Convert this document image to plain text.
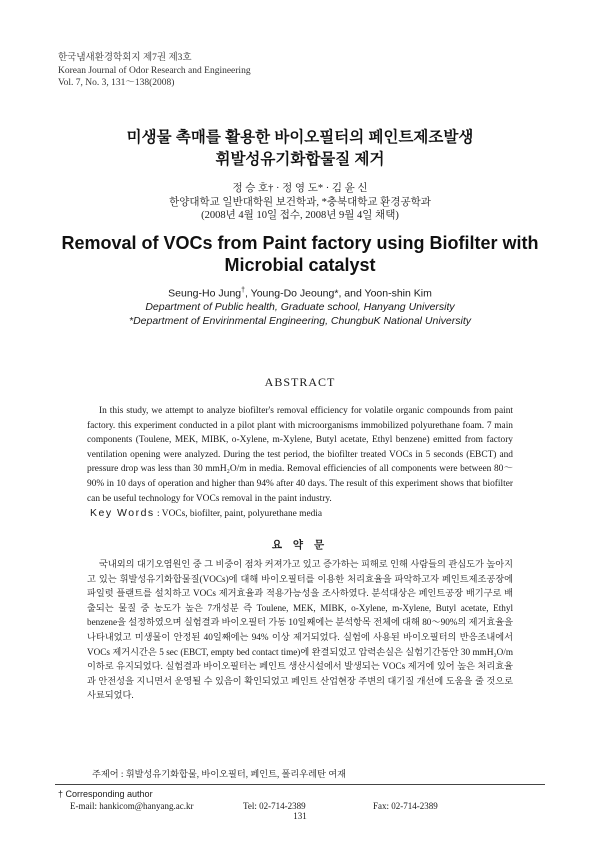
한국냄새환경학회지 제7권 제3호
Korean Journal of Odor Research and Engineering
Vol. 7, No. 3, 131～138(2008)
미생물 촉매를 활용한 바이오필터의 페인트제조발생
휘발성유기화합물질 제거
정 승 호† · 정 영 도* · 김 윤 신
한양대학교 일반대학원 보건학과, *충북대학교 환경공학과
(2008년 4월 10일 접수, 2008년 9월 4일 채택)
Removal of VOCs from Paint factory using Biofilter with
Microbial catalyst
Seung-Ho Jung†, Young-Do Jeoung*, and Yoon-shin Kim
Department of Public health, Graduate school, Hanyang University
*Department of Envirinmental Engineering, ChungbuK National University
ABSTRACT
In this study, we attempt to analyze biofilter's removal efficiency for volatile organic compounds from paint factory. this experiment conducted in a pilot plant with microorganisms immobilized polyurethane foam. 7 main components (Toulene, MEK, MIBK, o-Xylene, m-Xylene, Butyl acetate, Ethyl benzene) emitted from factory ventilation opening were analyzed. During the test period, the biofilter treated VOCs in 5 seconds (EBCT) and pressure drop was less than 30 mmH₂O/m in media. Removal efficiencies of all components were between 80～90% in 10 days of operation and higher than 94% after 40 days. The result of this experiment shows that biofilter can be useful technology for VOCs removal in the paint industry.
Key Words : VOCs, biofilter, paint, polyurethane media
요 약 문
국내외의 대기오염원인 중 그 비중이 점차 커져가고 있고 증가하는 피해로 인해 사람들의 관심도가 높아지고 있는 휘발성유기화합물질(VOCs)에 대해 바이오필터를 이용한 처리효율을 파악하고자 페인트제조공장에 파일럿 플랜트를 설치하고 VOCs 제거효율과 적용가능성을 조사하였다. 분석대상은 페인트공장 배기구로 배출되는 물질 중 농도가 높은 7개성분 즉 Toulene, MEK, MIBK, o-Xylene, m-Xylene, Butyl acetate, Ethyl benzene을 설정하였으며 실험결과 바이오필터 가동 10일째에는 분석항목 전체에 대해 80～90%의 제거효율을 나타내었고 미생물이 안정된 40일째에는 94% 이상 제거되었다. 실험에 사용된 바이오필터의 반응조내에서 VOCs 제거시간은 5 sec (EBCT, empty bed contact time)에 완결되었고 압력손실은 실험기간동안 30 mmH₂O/m 이하로 유지되었다. 실험결과 바이오필터는 페인트 생산시설에서 발생되는 VOCs 제거에 있어 높은 처리효율과 안전성을 지니면서 운영될 수 있음이 확인되었고 페인트 산업현장 주변의 대기질 개선에 도움을 줄 것으로 사료되었다.
주제어 : 휘발성유기화합물, 바이오필터, 페인트, 폴리우레탄 여재
† Corresponding author
E-mail: hankicom@hanyang.ac.kr	Tel: 02-714-2389	Fax: 02-714-2389
131
